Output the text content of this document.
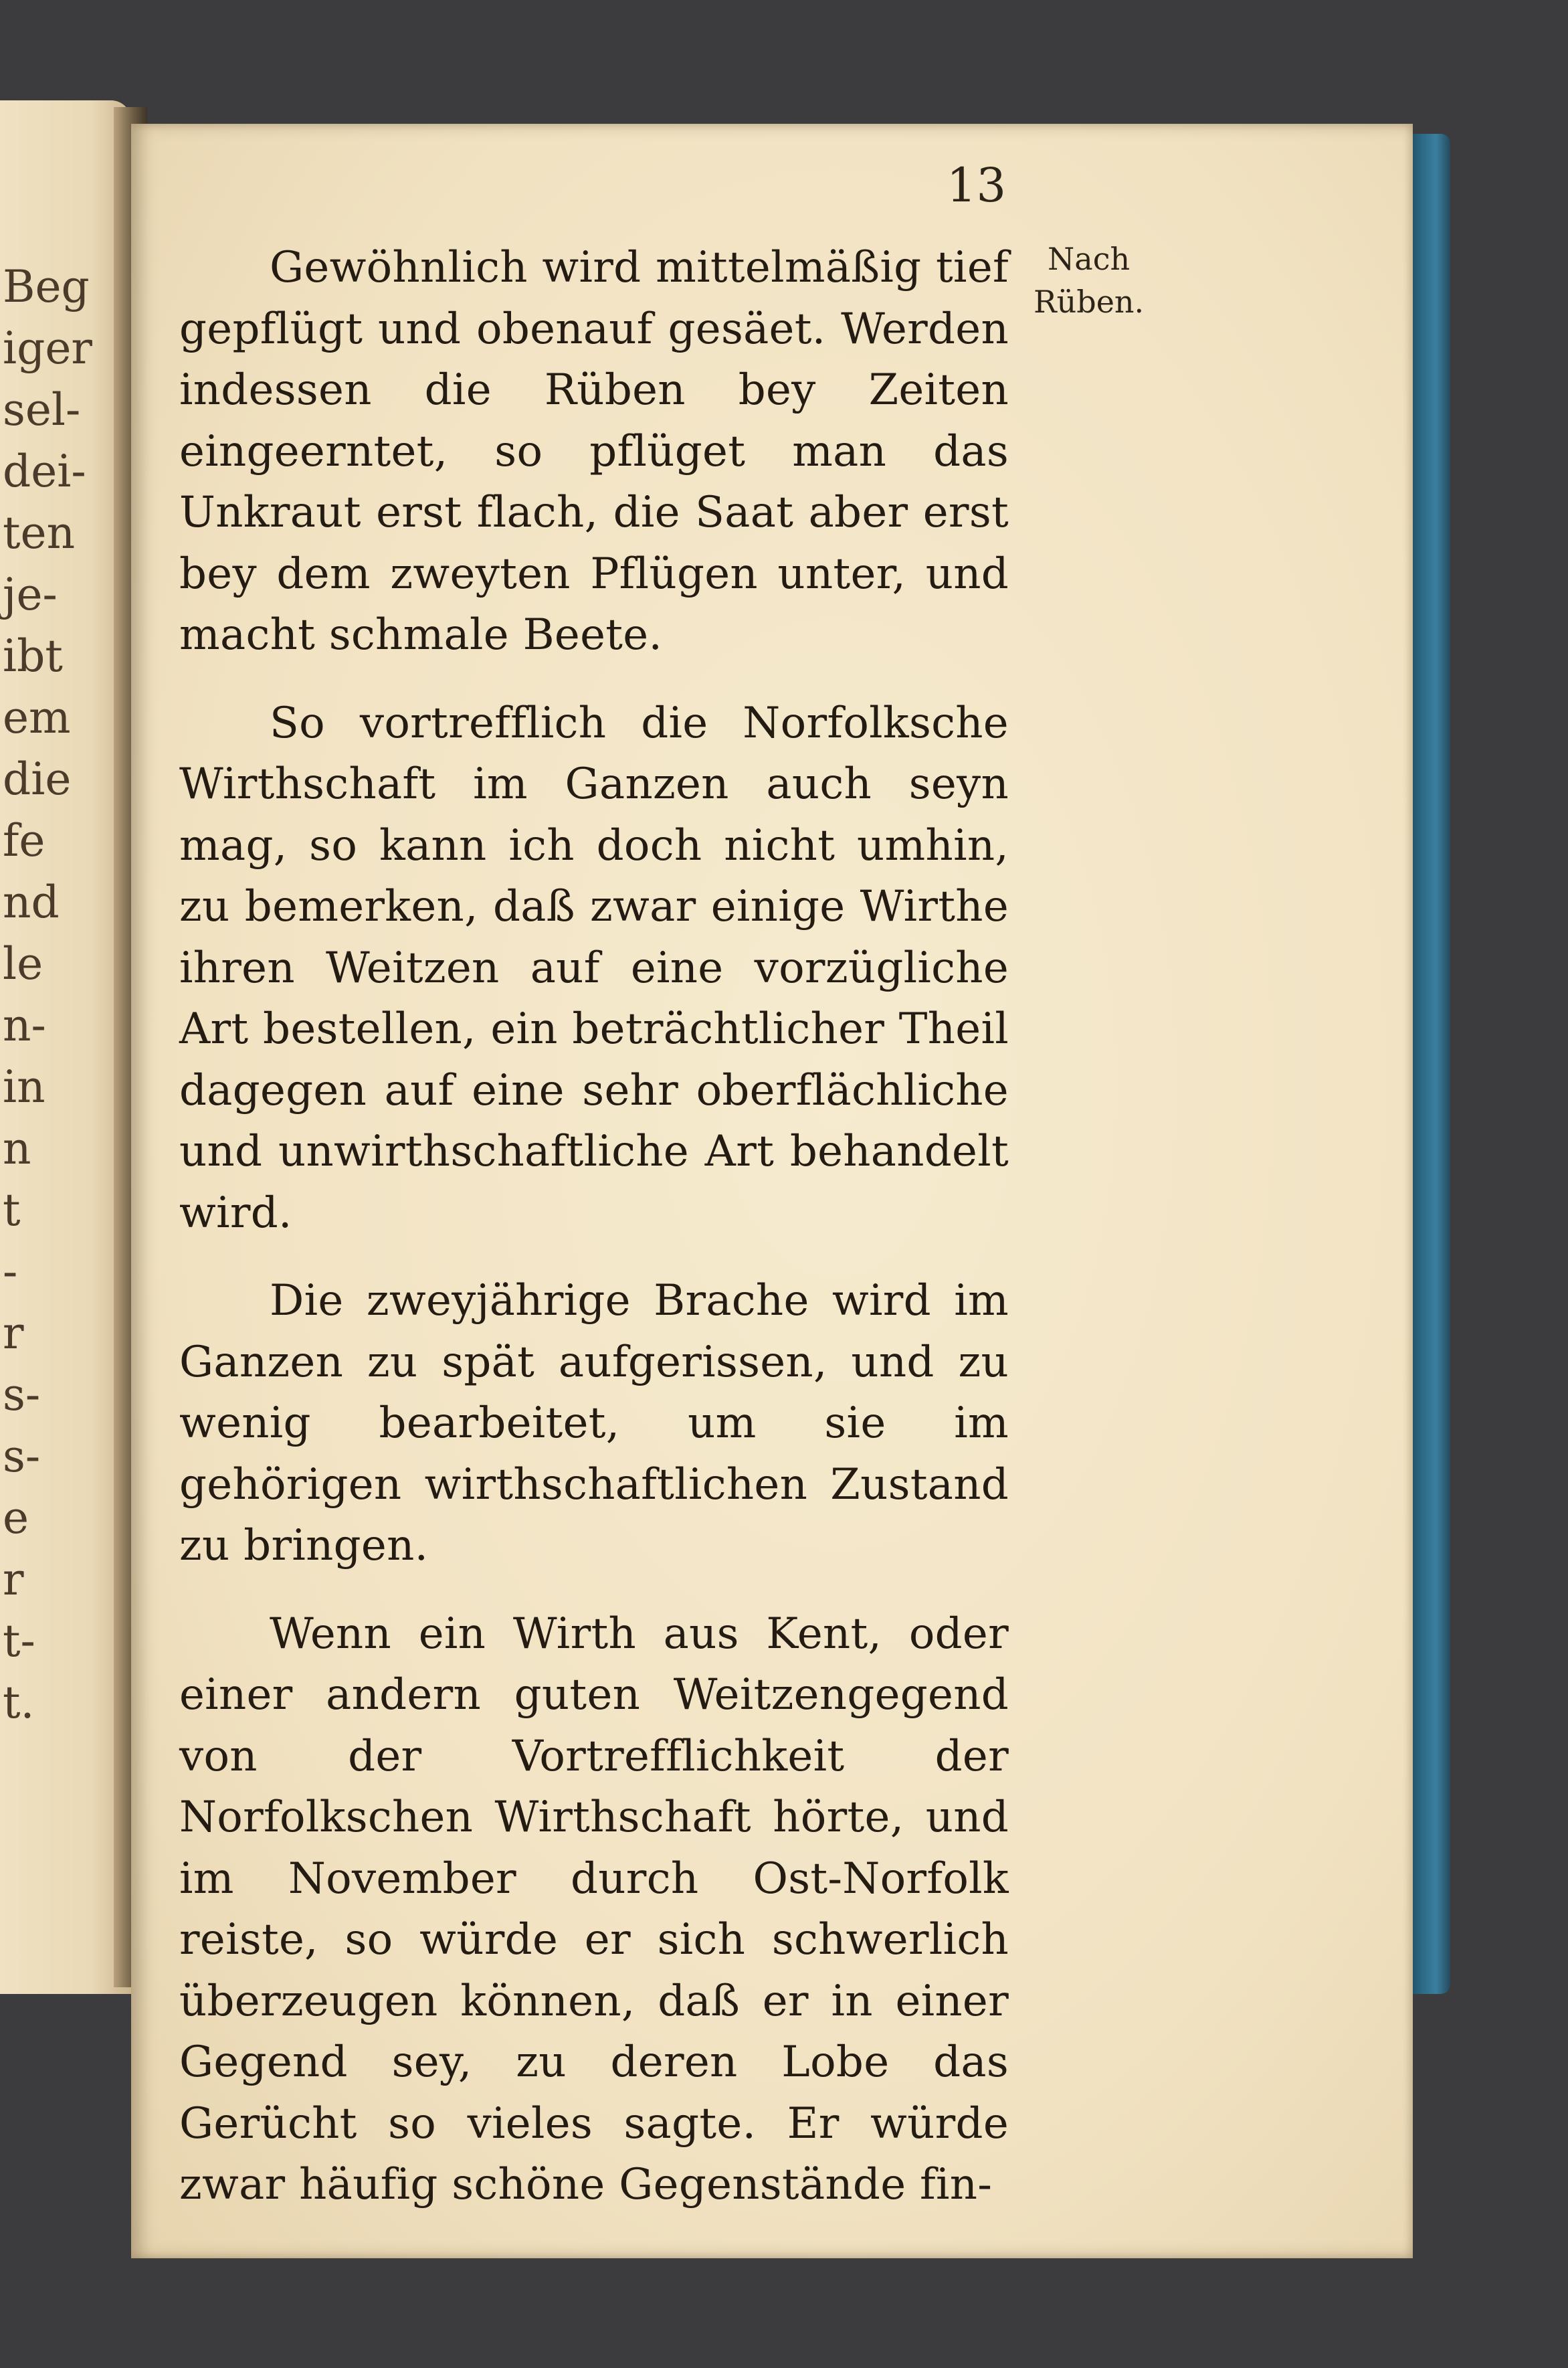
Beg
iger
sel-
dei-
ten
je-
ibt
em
die
fe
nd
le
n-
in
n
t
-
r
s-
s-
e
r
t-
t.
13
Nach
Rüben.

Gewöhnlich wird mittelmäßig tief gepflügt und obenauf gesäet. Werden indessen die Rüben bey Zeiten eingeerntet, so pflüget man das Unkraut erst flach, die Saat aber erst bey dem zweyten Pflügen unter, und macht schmale Beete.

So vortrefflich die Norfolksche Wirthschaft im Ganzen auch seyn mag, so kann ich doch nicht umhin, zu bemerken, daß zwar einige Wirthe ihren Weitzen auf eine vorzügliche Art bestellen, ein beträchtlicher Theil dagegen auf eine sehr oberflächliche und unwirthschaftliche Art behandelt wird.

Die zweyjährige Brache wird im Ganzen zu spät aufgerissen, und zu wenig bearbeitet, um sie im gehörigen wirthschaftlichen Zustand zu bringen.

Wenn ein Wirth aus Kent, oder einer andern guten Weitzengegend von der Vortrefflichkeit der Norfolkschen Wirthschaft hörte, und im November durch Ost-Norfolk reiste, so würde er sich schwerlich überzeugen können, daß er in einer Gegend sey, zu deren Lobe das Gerücht so vieles sagte. Er würde zwar häufig schöne Gegenstände fin-
